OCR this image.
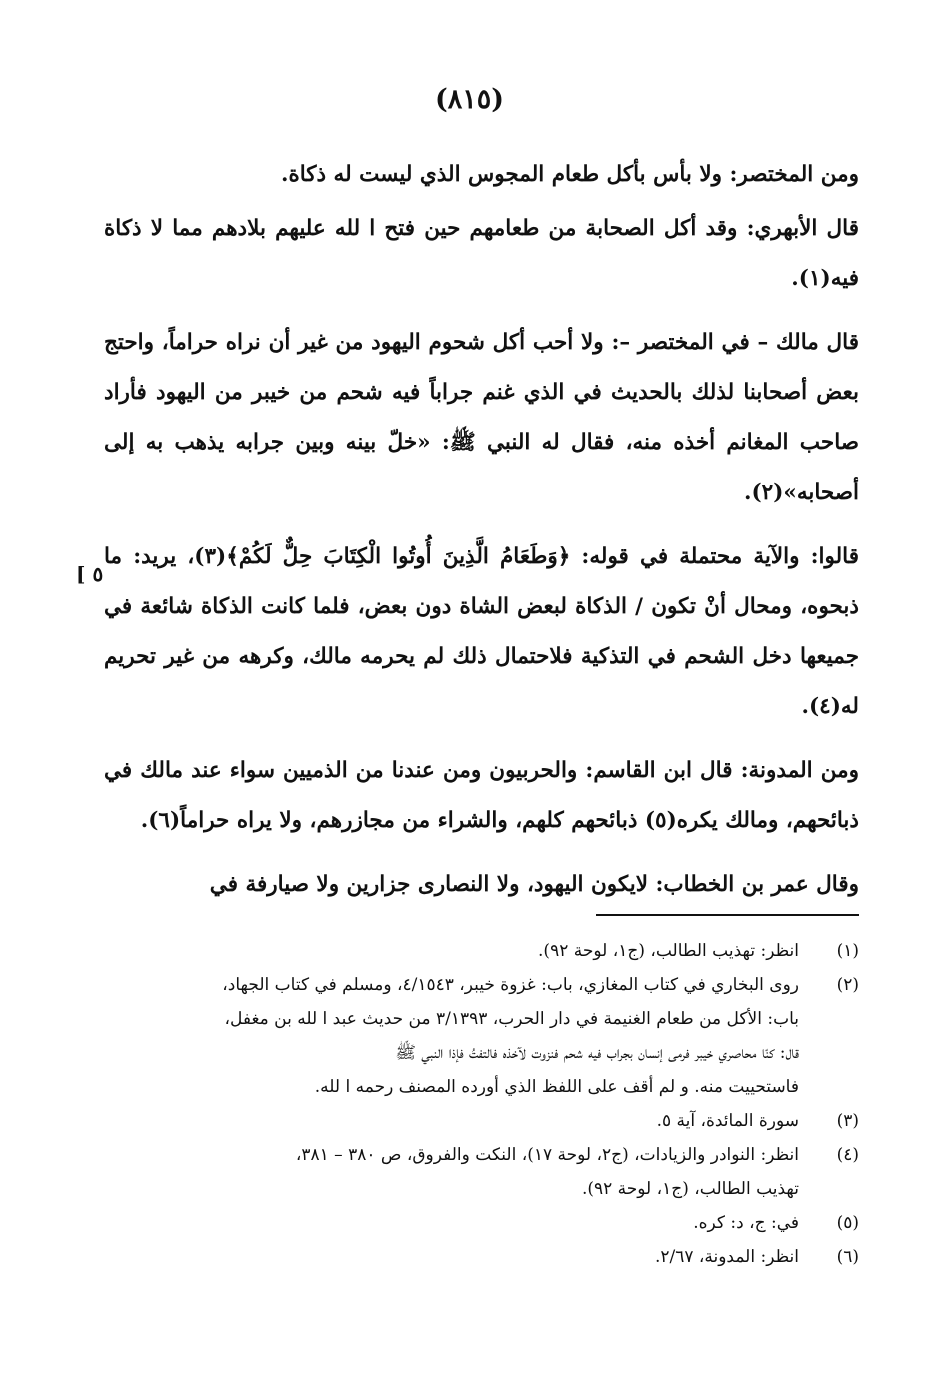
(٨١٥)

ومن المختصر: ولا بأس بأكل طعام المجوس الذي ليست له ذكاة.

قال الأبهري: وقد أكل الصحابة من طعامهم حين فتح ا لله عليهم بلادهم مما لا ذكاة فيه(١).

قال مالك – في المختصر –: ولا أحب أكل شحوم اليهود من غير أن نراه حراماً، واحتج بعض أصحابنا لذلك بالحديث في الذي غنم جراباً فيه شحم من خيبر من اليهود فأراد صاحب المغانم أخذه منه، فقال له النبي ﷺ: «خلّ بينه وبين جرابه يذهب به إلى أصحابه»(٢).

قالوا: والآية محتملة في قوله: ﴿وَطَعَامُ الَّذِينَ أُوتُوا الْكِتَابَ حِلٌّ لَكُمْ﴾(٣)، يريد: ما ذبحوه، ومحال أنْ تكون / الذكاة لبعض الشاة دون بعض، فلما كانت الذكاة شائعة في جميعها دخل الشحم في التذكية فلاحتمال ذلك لم يحرمه مالك، وكرهه من غير تحريم له(٤).

ومن المدونة: قال ابن القاسم: والحربيون ومن عندنا من الذميين سواء عند مالك في ذبائحهم، ومالك يكره(٥) ذبائحهم كلهم، والشراء من مجازرهم، ولا يراه حراماً(٦).

وقال عمر بن الخطاب: لايكون اليهود، ولا النصارى جزارين ولا صيارفة في

[ ٥
(١)
انظر: تهذيب الطالب، (ج١، لوحة ٩٢).
(٢)
روى البخاري في كتاب المغازي، باب: غزوة خيبر، ٤/١٥٤٣، ومسلم في كتاب الجهاد،
باب: الأكل من طعام الغنيمة في دار الحرب، ٣/١٣٩٣ من حديث عبد ا لله بن مغفل،
قال: كنّا محاصري خيبر فرمى إنسان بجراب فيه شحم فنزوت لآخذه فالتفتُ فإذا النبي ﷺ
فاستحييت منه. و لم أقف على اللفظ الذي أورده المصنف رحمه ا لله.
(٣)
سورة المائدة، آية ٥.
(٤)
انظر: النوادر والزيادات، (ج٢، لوحة ١٧)، النكت والفروق، ص ٣٨٠ – ٣٨١،
تهذيب الطالب، (ج١، لوحة ٩٢).
(٥)
في: ج، د: كره.
(٦)
انظر: المدونة، ٢/٦٧.
